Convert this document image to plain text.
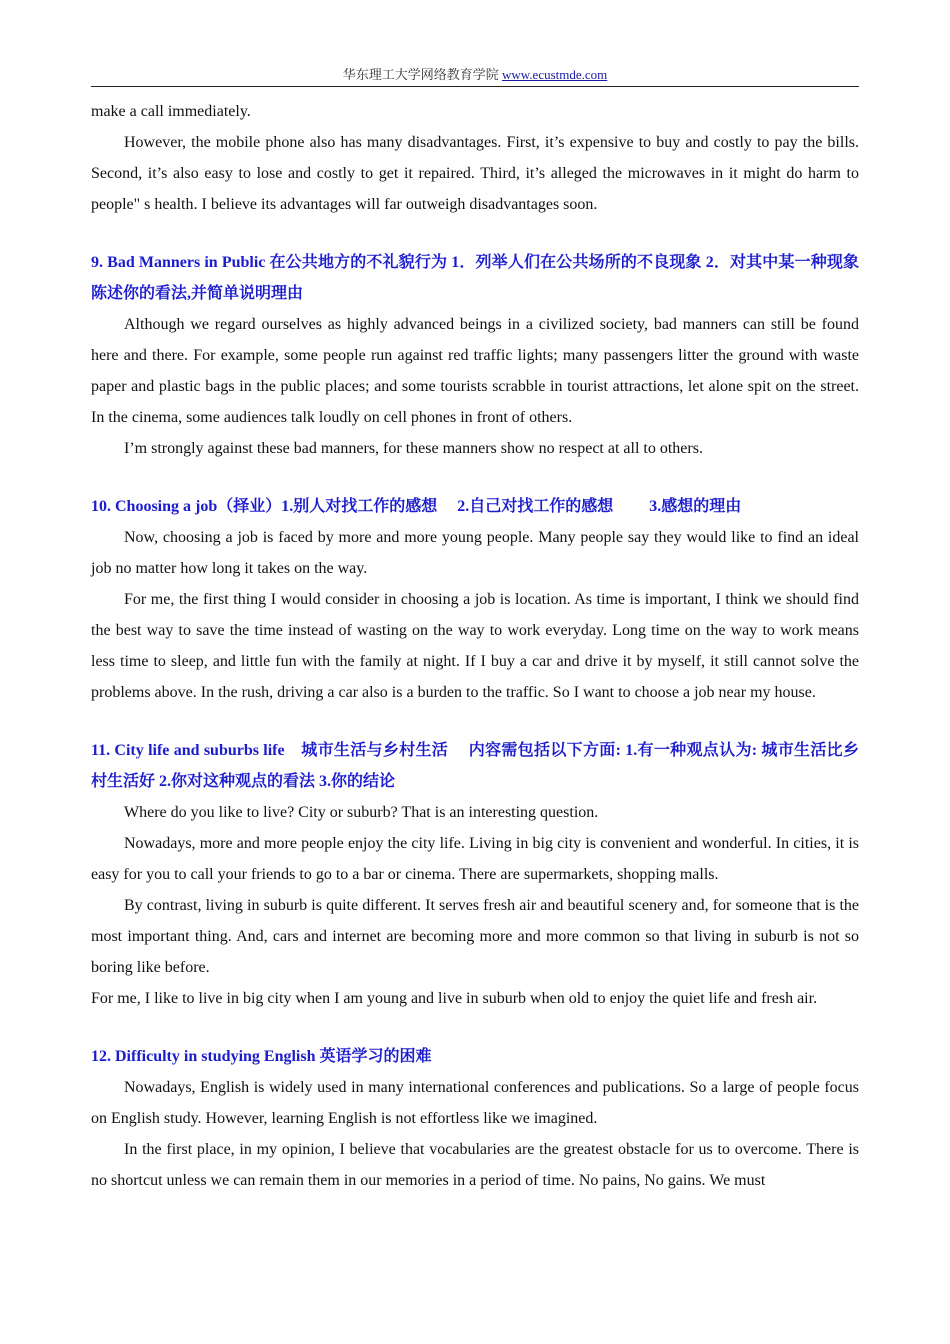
华东理工大学网络教育学院 www.ecustmde.com

make a call immediately.

However, the mobile phone also has many disadvantages. First, it’s expensive to buy and costly to pay the bills. Second, it’s also easy to lose and costly to get it repaired. Third, it’s alleged the microwaves in it might do harm to people" s health. I believe its advantages will far outweigh disadvantages soon.

9. Bad Manners in Public 在公共地方的不礼貌行为 1．列举人们在公共场所的不良现象 2．对其中某一种现象陈述你的看法,并简单说明理由

Although we regard ourselves as highly advanced beings in a civilized society, bad manners can still be found here and there. For example, some people run against red traffic lights; many passengers litter the ground with waste paper and plastic bags in the public places; and some tourists scrabble in tourist attractions, let alone spit on the street. In the cinema, some audiences talk loudly on cell phones in front of others.

I’m strongly against these bad manners, for these manners show no respect at all to others.

10. Choosing a job（择业）1.别人对找工作的感想　 2.自己对找工作的感想　　 3.感想的理由

Now, choosing a job is faced by more and more young people. Many people say they would like to find an ideal job no matter how long it takes on the way.

For me, the first thing I would consider in choosing a job is location. As time is important, I think we should find the best way to save the time instead of wasting on the way to work everyday. Long time on the way to work means less time to sleep, and little fun with the family at night. If I buy a car and drive it by myself, it still cannot solve the problems above. In the rush, driving a car also is a burden to the traffic. So I want to choose a job near my house.

11. City life and suburbs life　城市生活与乡村生活　 内容需包括以下方面: 1.有一种观点认为: 城市生活比乡村生活好 2.你对这种观点的看法 3.你的结论

Where do you like to live? City or suburb? That is an interesting question.

Nowadays, more and more people enjoy the city life. Living in big city is convenient and wonderful. In cities, it is easy for you to call your friends to go to a bar or cinema. There are supermarkets, shopping malls.

By contrast, living in suburb is quite different. It serves fresh air and beautiful scenery and, for someone that is the most important thing. And, cars and internet are becoming more and more common so that living in suburb is not so boring like before.

For me, I like to live in big city when I am young and live in suburb when old to enjoy the quiet life and fresh air.

12. Difficulty in studying English 英语学习的困难

Nowadays, English is widely used in many international conferences and publications. So a large of people focus on English study. However, learning English is not effortless like we imagined.

In the first place, in my opinion, I believe that vocabularies are the greatest obstacle for us to overcome. There is no shortcut unless we can remain them in our memories in a period of time. No pains, No gains. We must
